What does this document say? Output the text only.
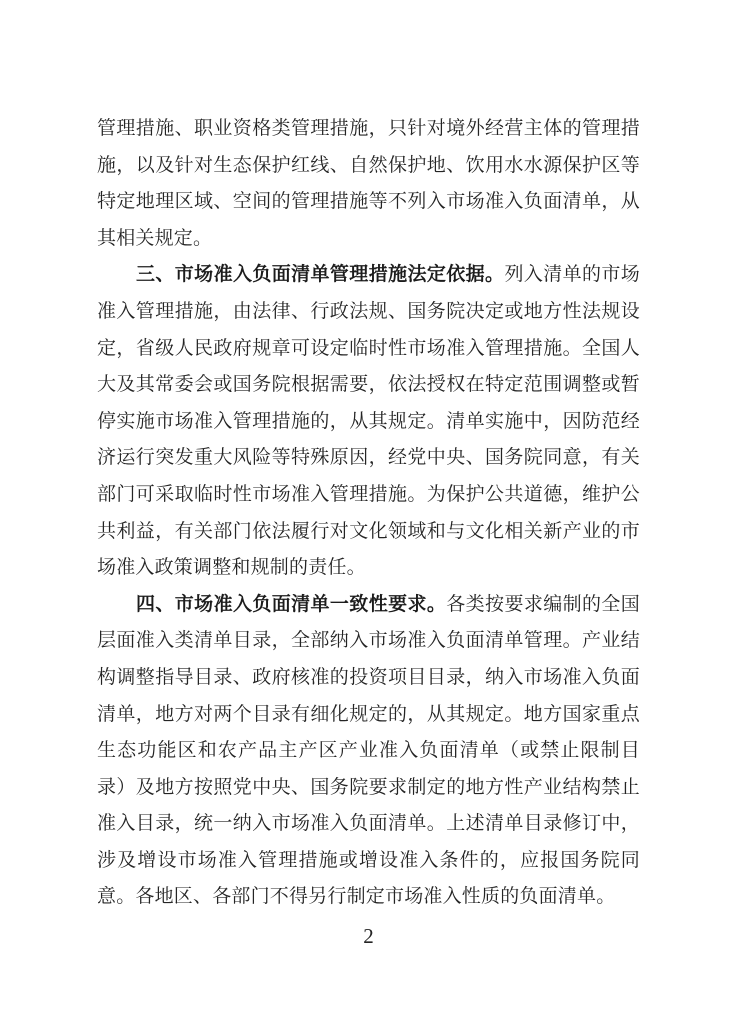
管理措施、职业资格类管理措施，只针对境外经营主体的管理措
施，以及针对生态保护红线、自然保护地、饮用水水源保护区等
特定地理区域、空间的管理措施等不列入市场准入负面清单，从
其相关规定。
三、市场准入负面清单管理措施法定依据。列入清单的市场
准入管理措施，由法律、行政法规、国务院决定或地方性法规设
定，省级人民政府规章可设定临时性市场准入管理措施。全国人
大及其常委会或国务院根据需要，依法授权在特定范围调整或暂
停实施市场准入管理措施的，从其规定。清单实施中，因防范经
济运行突发重大风险等特殊原因，经党中央、国务院同意，有关
部门可采取临时性市场准入管理措施。为保护公共道德，维护公
共利益，有关部门依法履行对文化领域和与文化相关新产业的市
场准入政策调整和规制的责任。
四、市场准入负面清单一致性要求。各类按要求编制的全国
层面准入类清单目录，全部纳入市场准入负面清单管理。产业结
构调整指导目录、政府核准的投资项目目录，纳入市场准入负面
清单，地方对两个目录有细化规定的，从其规定。地方国家重点
生态功能区和农产品主产区产业准入负面清单（或禁止限制目
录）及地方按照党中央、国务院要求制定的地方性产业结构禁止
准入目录，统一纳入市场准入负面清单。上述清单目录修订中，
涉及增设市场准入管理措施或增设准入条件的，应报国务院同
意。各地区、各部门不得另行制定市场准入性质的负面清单。
2
